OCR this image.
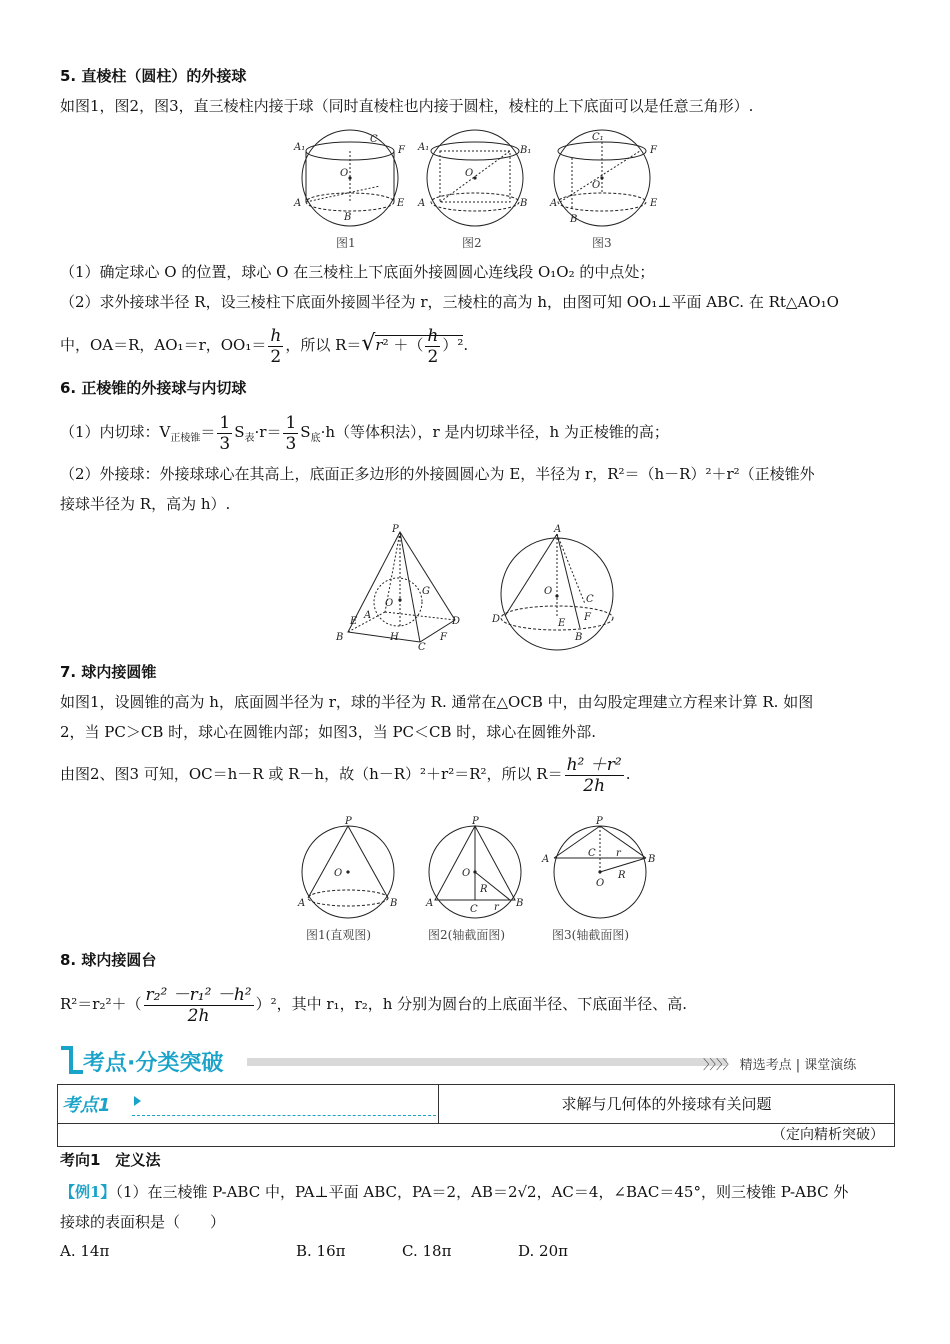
5. 直棱柱（圆柱）的外接球
如图1，图2，图3，直三棱柱内接于球（同时直棱柱也内接于圆柱，棱柱的上下底面可以是任意三角形）.
A₁
C
F
O
A	E
B
A₁	B₁
O
A	B
C₁
F
O
A	E
B
图1	图2	图3
（1）确定球心 O 的位置，球心 O 在三棱柱上下底面外接圆圆心连线段 O₁O₂ 的中点处；
（2）求外接球半径 R，设三棱柱下底面外接圆半径为 r，三棱柱的高为 h，由图可知 OO₁⊥平面 ABC. 在 Rt△AO₁O
中，OA＝R，AO₁＝r，$OO_1= \frac{h}{2}$ ，所以 R＝√r² ＋（ $\frac{h}{2} )^2$.
6. 正棱锥的外接球与内切球
（1）内切球：$V_{正棱锥}= \frac{1}{3} S_表\cdot r= \frac{1}{3} S_底\cdot h$（等体积法），r 是内切球半径，h 为正棱锥的高；
（2）外接球：外接球球心在其高上，底面正多边形的外接圆圆心为 E，半径为 r，R²＝（h－R）²＋r²（正棱锥外
接球半径为 R，高为 h）.
P
G
O
E
A
B	H	F
D
C
A
O
D
C
F
E
B
7. 球内接圆锥
如图1，设圆锥的高为 h，底面圆半径为 r，球的半径为 R. 通常在△OCB 中，由勾股定理建立方程来计算 R. 如图
2，当 PC＞CB 时，球心在圆锥内部；如图3，当 PC＜CB 时，球心在圆锥外部.
由图2、图3 可知，OC＝h－R 或 R－h，故（h－R）²＋r²＝R²，所以 $R= \frac{\text{h² ＋r²}}{2h}$ .
P
O
A	B
P
O
R
A
C r B
P
A	B
C r
O
R
图1(直观图)	图2(轴截面图)	图3(轴截面图)
8. 球内接圆台
$R^2=r_2^2+( \frac{\text{r₂² －r₁² －h²}}{2h} )^2$，其中 r₁，r₂，h 分别为圆台的上底面半径、下底面半径、高.
考点·分类突破	〉〉〉〉 精选考点 | 课堂演练
考点1	求解与几何体的外接球有关问题
（定向精析突破）
考向1　定义法
【例1】（1）在三棱锥 P-ABC 中，PA⊥平面 ABC，PA＝2，AB＝2√2，AC＝4，∠BAC＝45°，则三棱锥 P-ABC 外
接球的表面积是（　　）
A. 14π	B. 16π	C. 18π	D. 20π
